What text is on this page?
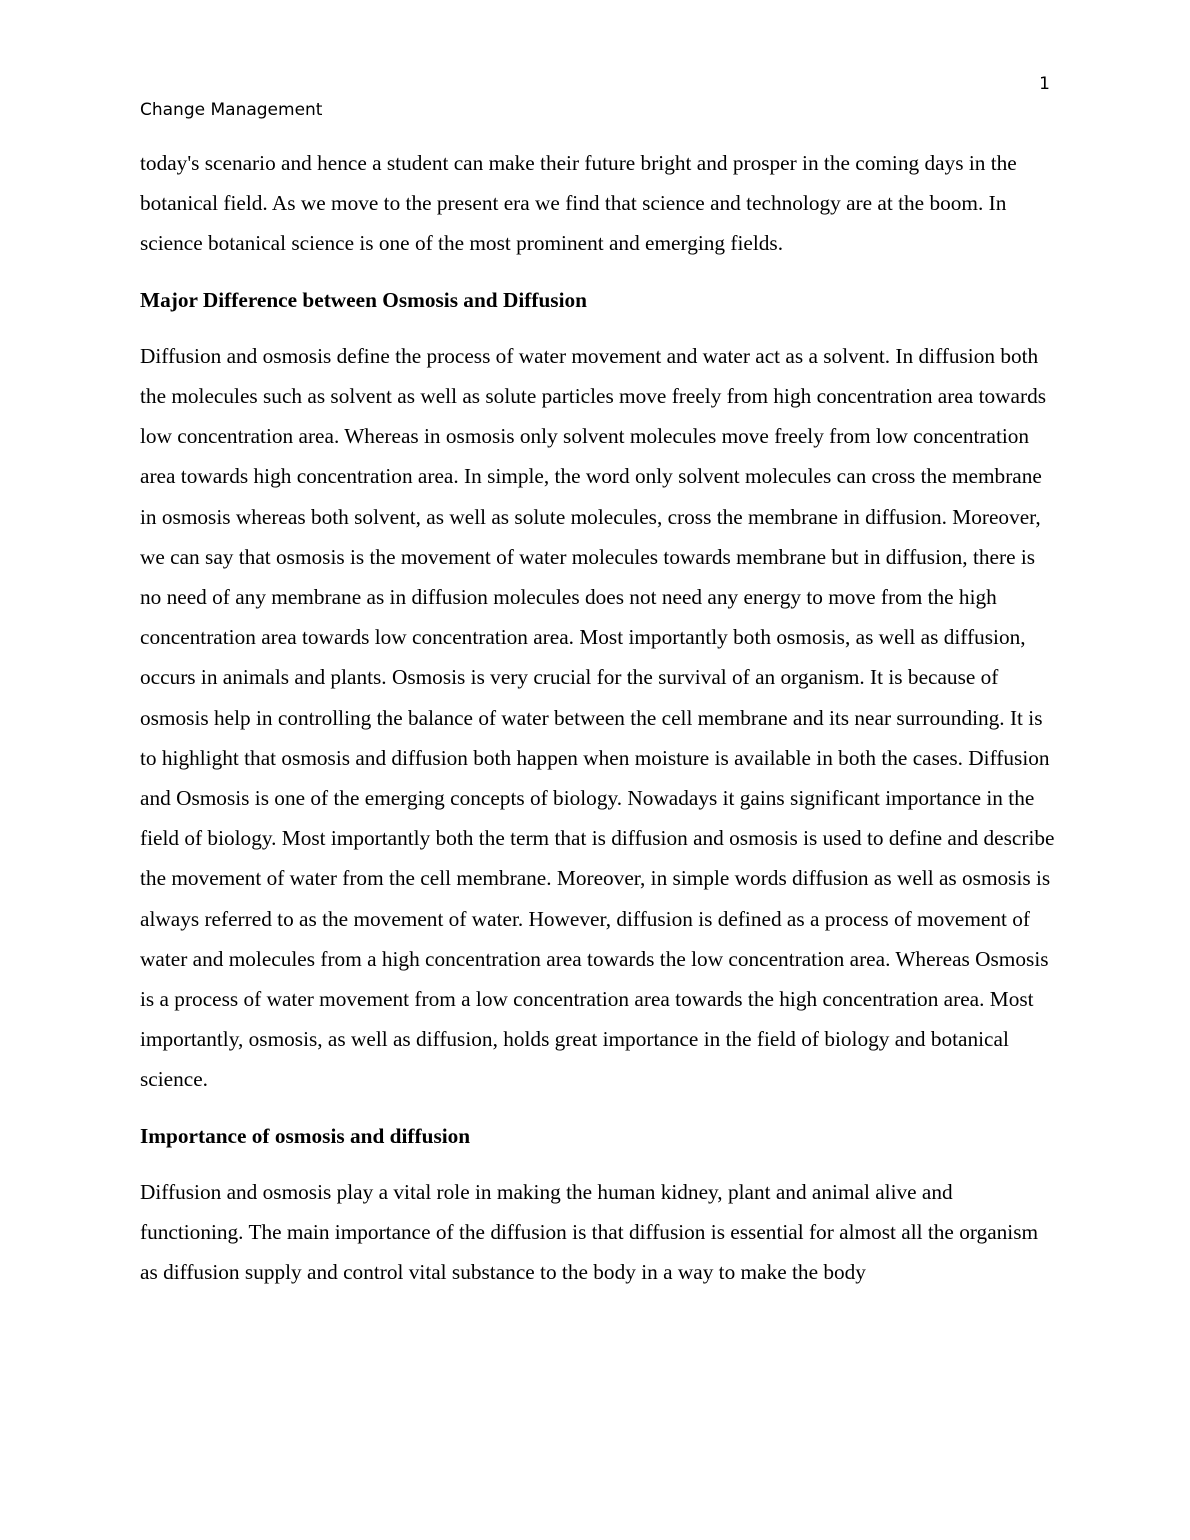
1
Change Management

today's scenario and hence a student can make their future bright and prosper in the coming days in the botanical field. As we move to the present era we find that science and technology are at the boom. In science botanical science is one of the most prominent and emerging fields.

Major Difference between Osmosis and Diffusion

Diffusion and osmosis define the process of water movement and water act as a solvent. In diffusion both the molecules such as solvent as well as solute particles move freely from high concentration area towards low concentration area. Whereas in osmosis only solvent molecules move freely from low concentration area towards high concentration area. In simple, the word only solvent molecules can cross the membrane in osmosis whereas both solvent, as well as solute molecules, cross the membrane in diffusion. Moreover, we can say that osmosis is the movement of water molecules towards membrane but in diffusion, there is no need of any membrane as in diffusion molecules does not need any energy to move from the high concentration area towards low concentration area. Most importantly both osmosis, as well as diffusion, occurs in animals and plants. Osmosis is very crucial for the survival of an organism. It is because of osmosis help in controlling the balance of water between the cell membrane and its near surrounding. It is to highlight that osmosis and diffusion both happen when moisture is available in both the cases. Diffusion and Osmosis is one of the emerging concepts of biology. Nowadays it gains significant importance in the field of biology. Most importantly both the term that is diffusion and osmosis is used to define and describe the movement of water from the cell membrane. Moreover, in simple words diffusion as well as osmosis is always referred to as the movement of water. However, diffusion is defined as a process of movement of water and molecules from a high concentration area towards the low concentration area. Whereas Osmosis is a process of water movement from a low concentration area towards the high concentration area. Most importantly, osmosis, as well as diffusion, holds great importance in the field of biology and botanical science.

Importance of osmosis and diffusion

Diffusion and osmosis play a vital role in making the human kidney, plant and animal alive and functioning. The main importance of the diffusion is that diffusion is essential for almost all the organism as diffusion supply and control vital substance to the body in a way to make the body
